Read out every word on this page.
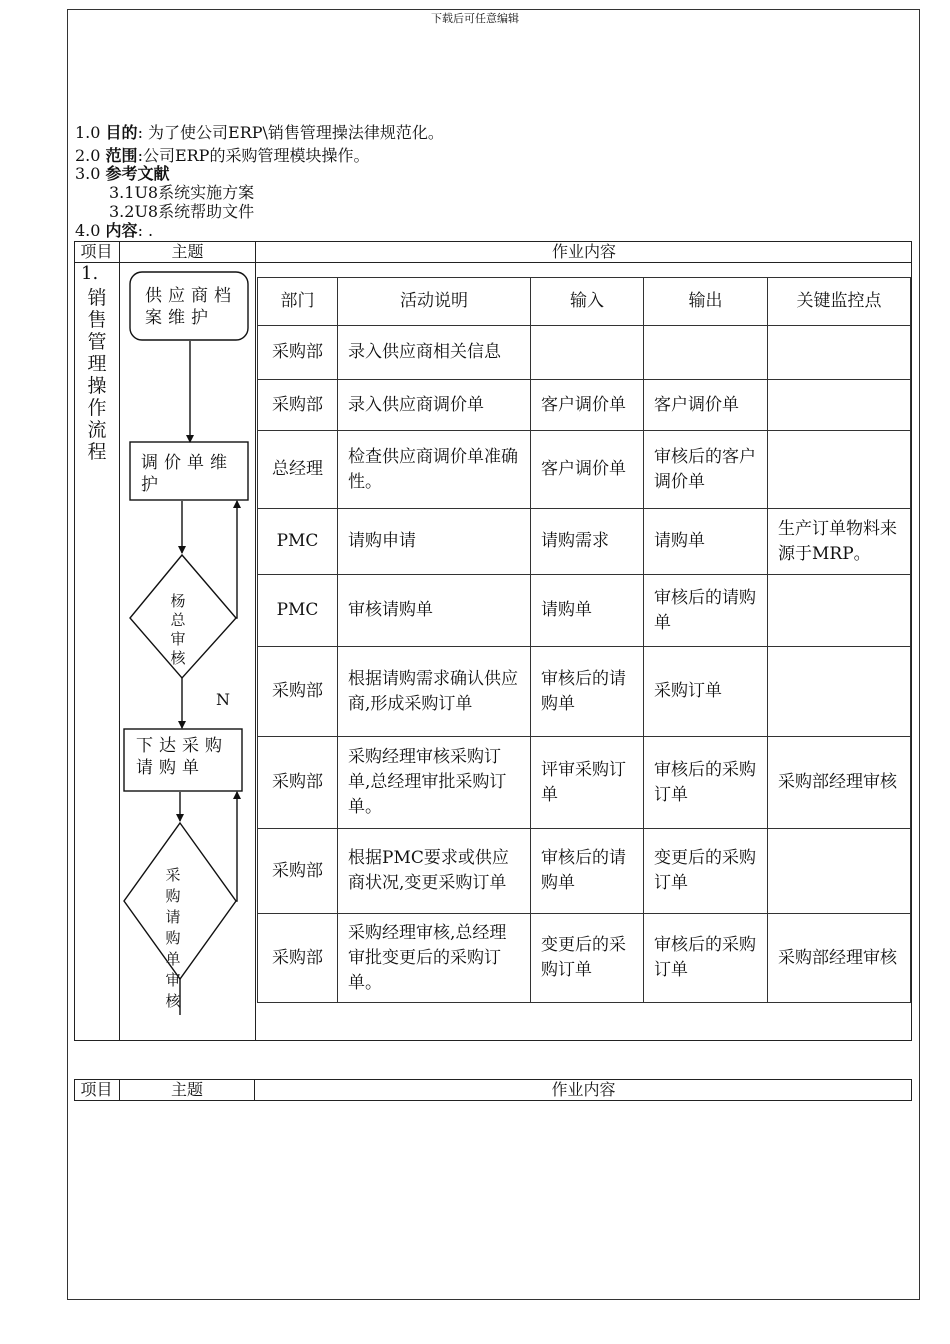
下载后可任意编辑
1.0 目的: 为了使公司ERP\销售管理操法律规范化。
2.0 范围:公司ERP的采购管理模块操作。
3.0 参考文献
3.1U8系统实施方案
3.2U8系统帮助文件
4.0 内容: .
项目	主题	作业内容
1.
销售管理操作流程
供应商档案维护
调价单维护
杨总审核
N
下达采购请购单
采购请购单审核
部门	活动说明	输入	输出	关键监控点
采购部	录入供应商相关信息			
采购部	录入供应商调价单	客户调价单	客户调价单	
总经理	检查供应商调价单准确性。	客户调价单	审核后的客户调价单	
PMC	请购申请	请购需求	请购单	生产订单物料来源于MRP。
PMC	审核请购单	请购单	审核后的请购单	
采购部	根据请购需求确认供应商,形成采购订单	审核后的请购单	采购订单	
采购部	采购经理审核采购订单,总经理审批采购订单。	评审采购订单	审核后的采购订单	采购部经理审核
采购部	根据PMC要求或供应商状况,变更采购订单	审核后的请购单	变更后的采购订单	
采购部	采购经理审核,总经理审批变更后的采购订单。	变更后的采购订单	审核后的采购订单	采购部经理审核
项目	主题	作业内容
